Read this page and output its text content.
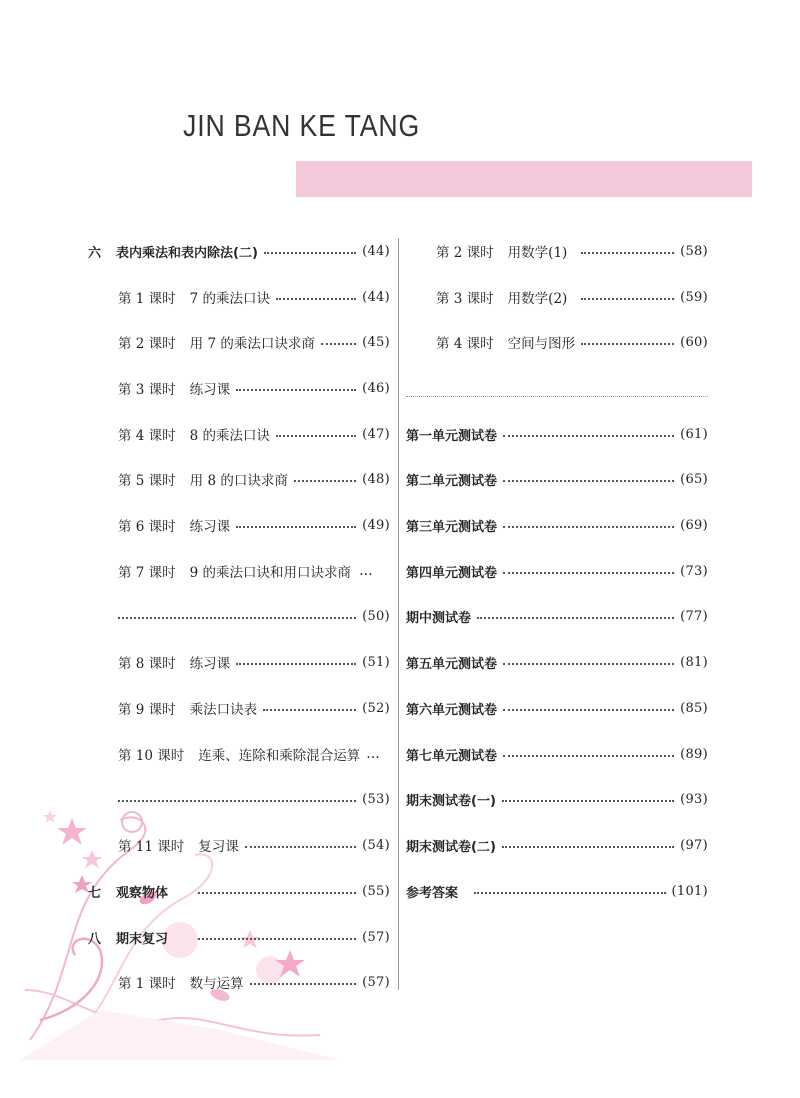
JIN BAN KE TANG
六	表内乘法和表内除法(二)	(44)
第 1 课时 7 的乘法口诀	(44)
第 2 课时 用 7 的乘法口诀求商	(45)
第 3 课时 练习课	(46)
第 4 课时 8 的乘法口诀	(47)
第 5 课时 用 8 的口诀求商	(48)
第 6 课时 练习课	(49)
第 7 课时 9 的乘法口诀和用口诀求商 …
(50)
第 8 课时 练习课	(51)
第 9 课时 乘法口诀表	(52)
第 10 课时 连乘、连除和乘除混合运算 …
(53)
第 11 课时 复习课	(54)
七	观察物体	(55)
八	期末复习	(57)
第 1 课时 数与运算	(57)
第 2 课时 用数学(1)	(58)
第 3 课时 用数学(2)	(59)
第 4 课时 空间与图形	(60)
第一单元测试卷	(61)
第二单元测试卷	(65)
第三单元测试卷	(69)
第四单元测试卷	(73)
期中测试卷	(77)
第五单元测试卷	(81)
第六单元测试卷	(85)
第七单元测试卷	(89)
期末测试卷(一)	(93)
期末测试卷(二)	(97)
参考答案	(101)
